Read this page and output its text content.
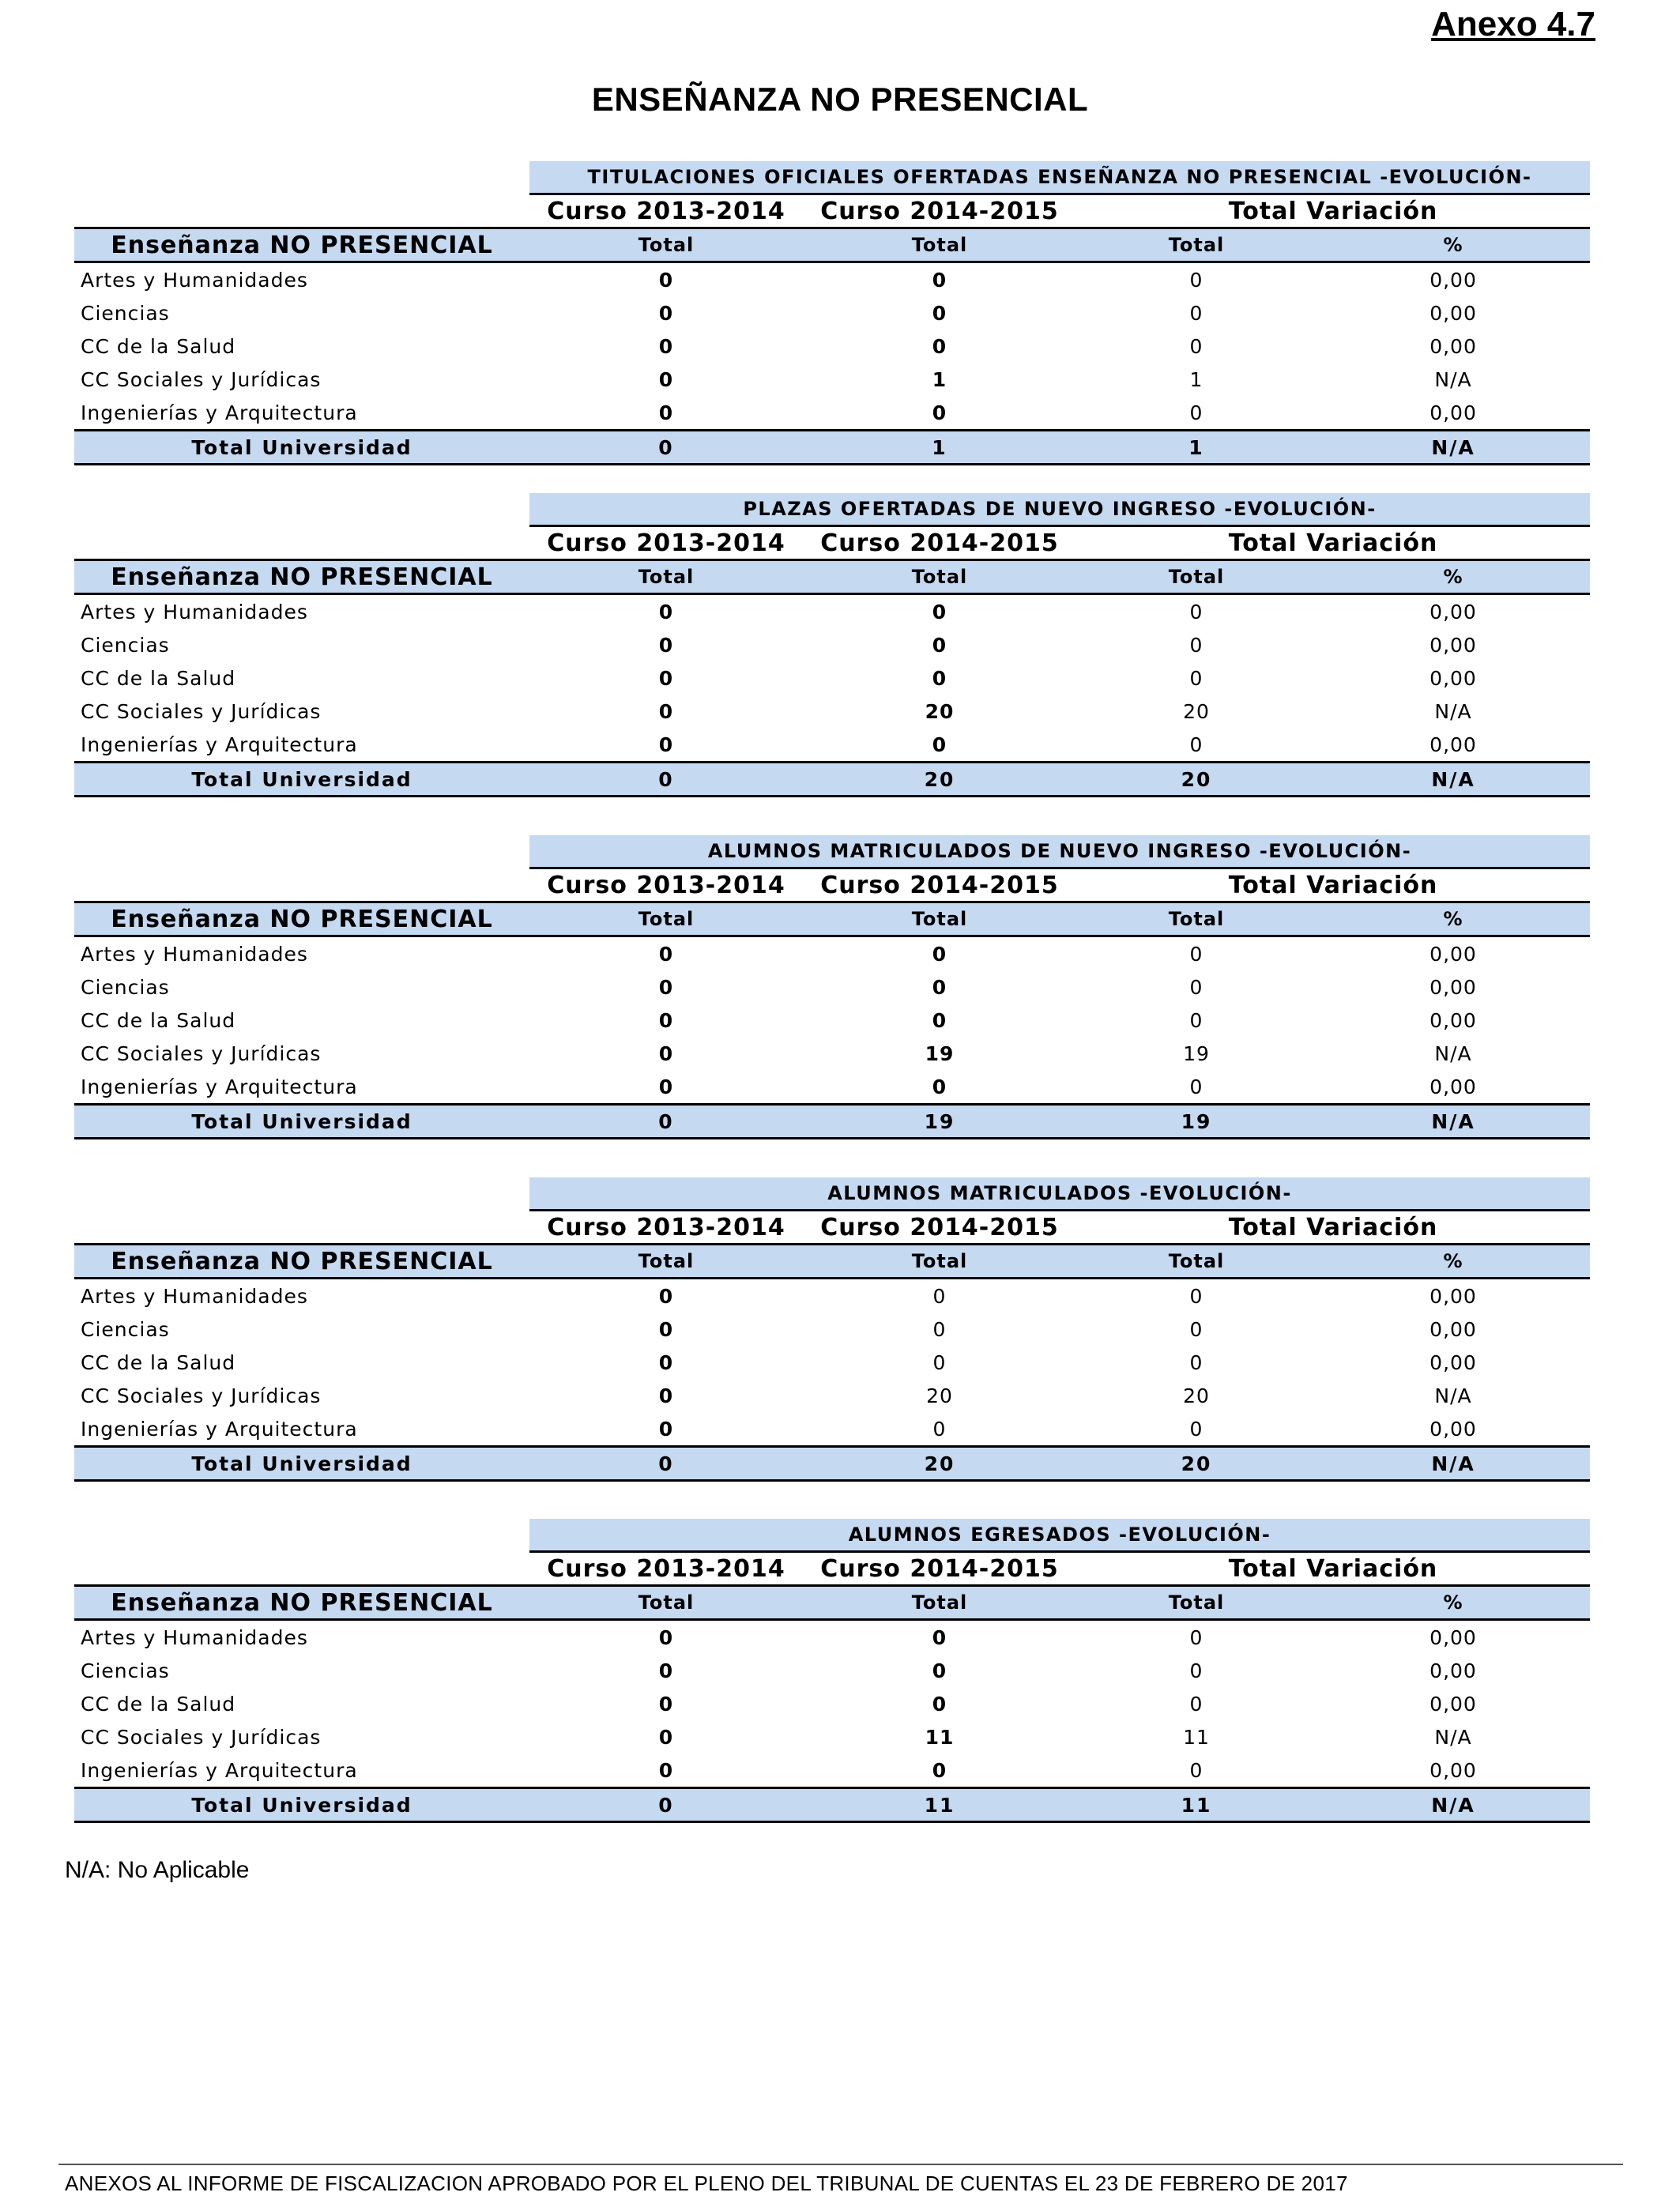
Anexo 4.7
ENSEÑANZA NO PRESENCIAL
	TITULACIONES OFICIALES OFERTADAS ENSEÑANZA NO PRESENCIAL -EVOLUCIÓN-			
	Curso 2013-2014	Curso 2014-2015	Total Variación	
Enseñanza NO PRESENCIAL	Total	Total	Total	%
Artes y Humanidades	0	0	0	0,00
Ciencias	0	0	0	0,00
CC de la Salud	0	0	0	0,00
CC Sociales y Jurídicas	0	1	1	N/A
Ingenierías y Arquitectura	0	0	0	0,00
Total Universidad	0	1	1	N/A
	PLAZAS OFERTADAS DE NUEVO INGRESO -EVOLUCIÓN-			
	Curso 2013-2014	Curso 2014-2015	Total Variación	
Enseñanza NO PRESENCIAL	Total	Total	Total	%
Artes y Humanidades	0	0	0	0,00
Ciencias	0	0	0	0,00
CC de la Salud	0	0	0	0,00
CC Sociales y Jurídicas	0	20	20	N/A
Ingenierías y Arquitectura	0	0	0	0,00
Total Universidad	0	20	20	N/A
	ALUMNOS MATRICULADOS DE NUEVO INGRESO -EVOLUCIÓN-			
	Curso 2013-2014	Curso 2014-2015	Total Variación	
Enseñanza NO PRESENCIAL	Total	Total	Total	%
Artes y Humanidades	0	0	0	0,00
Ciencias	0	0	0	0,00
CC de la Salud	0	0	0	0,00
CC Sociales y Jurídicas	0	19	19	N/A
Ingenierías y Arquitectura	0	0	0	0,00
Total Universidad	0	19	19	N/A
	ALUMNOS MATRICULADOS -EVOLUCIÓN-			
	Curso 2013-2014	Curso 2014-2015	Total Variación	
Enseñanza NO PRESENCIAL	Total	Total	Total	%
Artes y Humanidades	0	0	0	0,00
Ciencias	0	0	0	0,00
CC de la Salud	0	0	0	0,00
CC Sociales y Jurídicas	0	20	20	N/A
Ingenierías y Arquitectura	0	0	0	0,00
Total Universidad	0	20	20	N/A
	ALUMNOS EGRESADOS -EVOLUCIÓN-			
	Curso 2013-2014	Curso 2014-2015	Total Variación	
Enseñanza NO PRESENCIAL	Total	Total	Total	%
Artes y Humanidades	0	0	0	0,00
Ciencias	0	0	0	0,00
CC de la Salud	0	0	0	0,00
CC Sociales y Jurídicas	0	11	11	N/A
Ingenierías y Arquitectura	0	0	0	0,00
Total Universidad	0	11	11	N/A
N/A: No Aplicable
ANEXOS AL INFORME DE FISCALIZACION APROBADO POR EL PLENO DEL TRIBUNAL DE CUENTAS EL 23 DE FEBRERO DE 2017
